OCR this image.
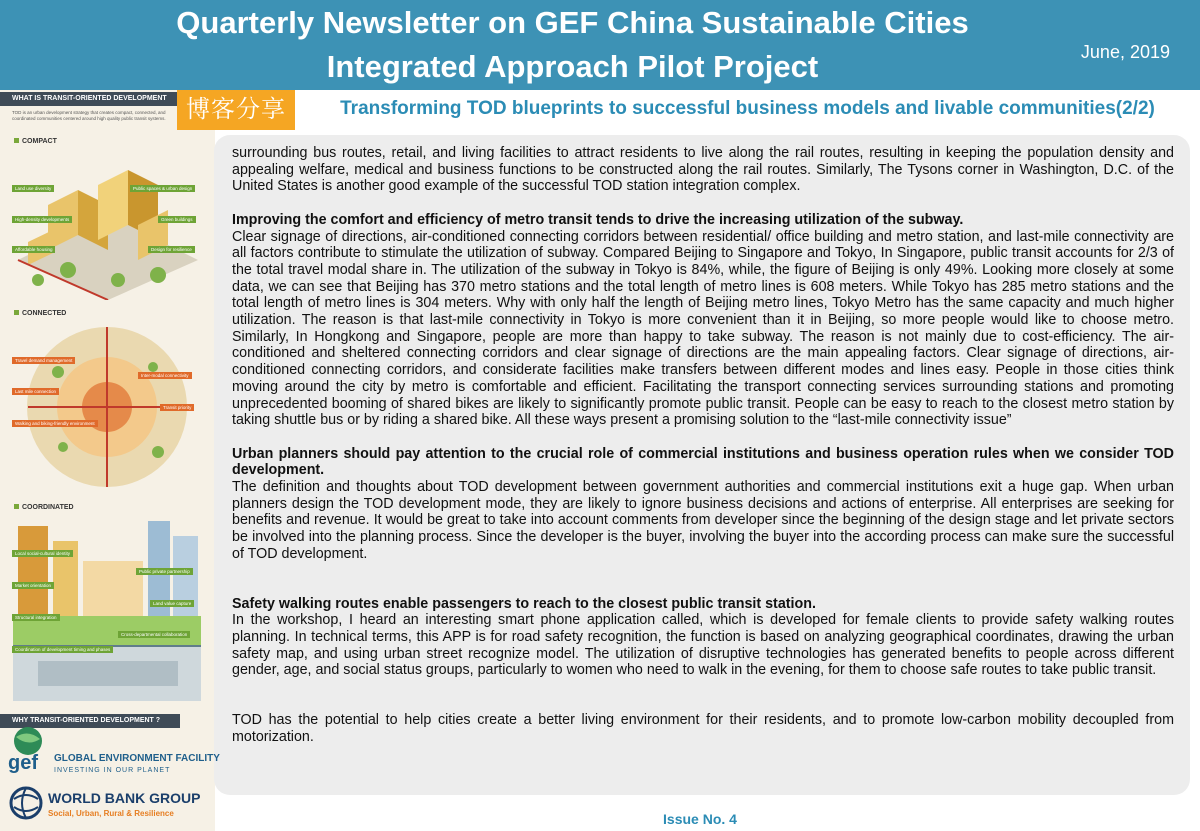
Quarterly Newsletter on GEF China Sustainable Cities
Integrated Approach Pilot Project	June, 2019
WHAT IS TRANSIT-ORIENTED DEVELOPMENT
TOD is an urban development strategy that creates compact, connected, and coordinated communities centered around high quality public transit systems.
COMPACT
Land use diversity	Public spaces & urban design
High-density developments	Green buildings
Affordable housing	Design for resilience
CONNECTED
Travel demand management
Inter-modal connectivity
Last mile connection
Transit priority
Walking and biking-friendly environment
COORDINATED
Local social-cultural identity
Public private partnership
Market orientation
Land value capture
Structural integration
Cross-departmental collaboration
Coordination of development timing and phases
WHY TRANSIT-ORIENTED DEVELOPMENT ?
博客分享	Transforming TOD blueprints to successful business models and livable communities(2/2)

surrounding bus routes, retail, and living facilities to attract residents to live along the rail routes, resulting in keeping the population density and appealing welfare, medical and business functions to be constructed along the rail routes. Similarly, The Tysons corner in Washington, D.C. of the United States is another good example of the successful TOD station integration complex.

Improving the comfort and efficiency of metro transit tends to drive the increasing utilization of the subway.

Clear signage of directions, air-conditioned connecting corridors between residential/ office building and metro station, and last-mile connectivity are all factors contribute to stimulate the utilization of subway. Compared Beijing to Singapore and Tokyo, In Singapore, public transit accounts for 2/3 of the total travel modal share in. The utilization of the subway in Tokyo is 84%, while, the figure of Beijing is only 49%. Looking more closely at some data, we can see that Beijing has 370 metro stations and the total length of metro lines is 608 meters. While Tokyo has 285 metro stations and the total length of metro lines is 304 meters. Why with only half the length of Beijing metro lines, Tokyo Metro has the same capacity and much higher utilization. The reason is that last-mile connectivity in Tokyo is more convenient than it in Beijing, so more people would like to choose metro. Similarly, In Hongkong and Singapore, people are more than happy to take subway. The reason is not mainly due to cost-efficiency. The air-conditioned and sheltered connecting corridors and clear signage of directions are the main appealing factors. Clear signage of directions, air-conditioned connecting corridors, and considerate facilities make transfers between different modes and lines easy. People in those cities think moving around the city by metro is comfortable and efficient. Facilitating the transport connecting services surrounding stations and promoting unprecedented booming of shared bikes are likely to significantly promote public transit. People can be easy to reach to the closest metro station by taking shuttle bus or by riding a shared bike. All these ways present a promising solution to the “last-mile connectivity issue”

Urban planners should pay attention to the crucial role of commercial institutions and business operation rules when we consider TOD development.

The definition and thoughts about TOD development between government authorities and commercial institutions exit a huge gap. When urban planners design the TOD development mode, they are likely to ignore business decisions and actions of enterprise. All enterprises are seeking for benefits and revenue. It would be great to take into account comments from developer since the beginning of the design stage and let private sectors be involved into the planning process. Since the developer is the buyer, involving the buyer into the according process can make sure the successful of TOD development.

Safety walking routes enable passengers to reach to the closest public transit station.

In the workshop, I heard an interesting smart phone application called, which is developed for female clients to provide safety walking routes planning. In technical terms, this APP is for road safety recognition, the function is based on analyzing geographical coordinates, drawing the urban safety map, and using urban street recognize model. The utilization of disruptive technologies has generated benefits to people across different gender, age, and social status groups, particularly to women who need to walk in the evening, for them to choose safe routes to take public transit.

TOD has the potential to help cities create a better living environment for their residents, and to promote low-carbon mobility decoupled from motorization.

gef GLOBAL ENVIRONMENT FACILITY
INVESTING IN OUR PLANET
WORLD BANK GROUP
Social, Urban, Rural & Resilience	Issue No. 4
